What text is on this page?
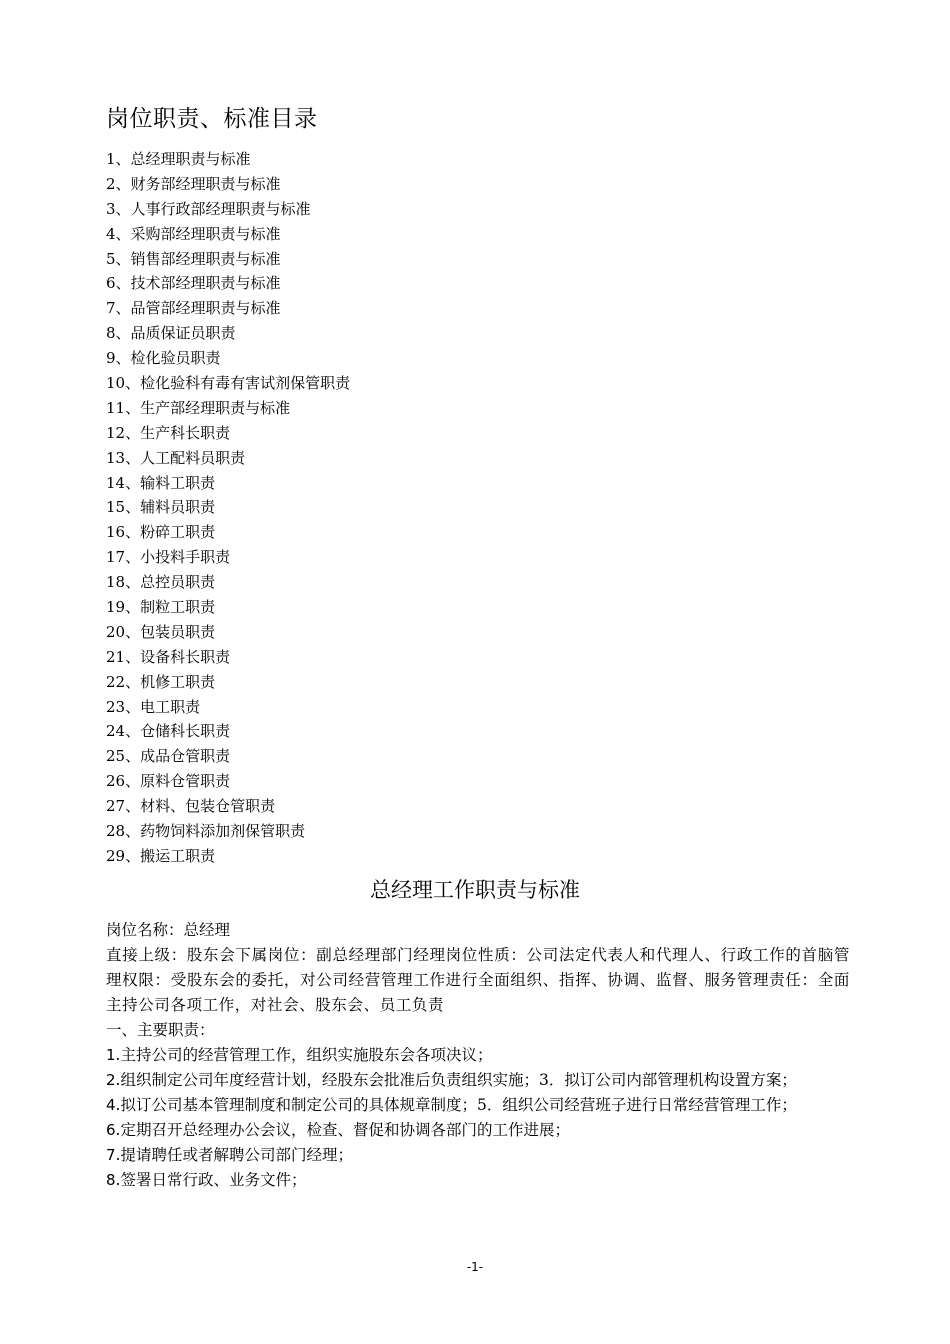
岗位职责、标准目录
1、总经理职责与标准
2、财务部经理职责与标准
3、人事行政部经理职责与标准
4、采购部经理职责与标准
5、销售部经理职责与标准
6、技术部经理职责与标准
7、品管部经理职责与标准
8、品质保证员职责
9、检化验员职责
10、检化验科有毒有害试剂保管职责
11、生产部经理职责与标准
12、生产科长职责
13、人工配料员职责
14、输料工职责
15、辅料员职责
16、粉碎工职责
17、小投料手职责
18、总控员职责
19、制粒工职责
20、包装员职责
21、设备科长职责
22、机修工职责
23、电工职责
24、仓储科长职责
25、成品仓管职责
26、原料仓管职责
27、材料、包装仓管职责
28、药物饲料添加剂保管职责
29、搬运工职责
总经理工作职责与标准

岗位名称：总经理

直接上级：股东会下属岗位：副总经理部门经理岗位性质：公司法定代表人和代理人、行政工作的首脑管理权限：受股东会的委托，对公司经营管理工作进行全面组织、指挥、协调、监督、服务管理责任：全面主持公司各项工作，对社会、股东会、员工负责

一、主要职责：

1.主持公司的经营管理工作，组织实施股东会各项决议；

2.组织制定公司年度经营计划，经股东会批准后负责组织实施；3．拟订公司内部管理机构设置方案；

4.拟订公司基本管理制度和制定公司的具体规章制度；5．组织公司经营班子进行日常经营管理工作；

6.定期召开总经理办公会议，检查、督促和协调各部门的工作进展；

7.提请聘任或者解聘公司部门经理；

8.签署日常行政、业务文件；

-1-
